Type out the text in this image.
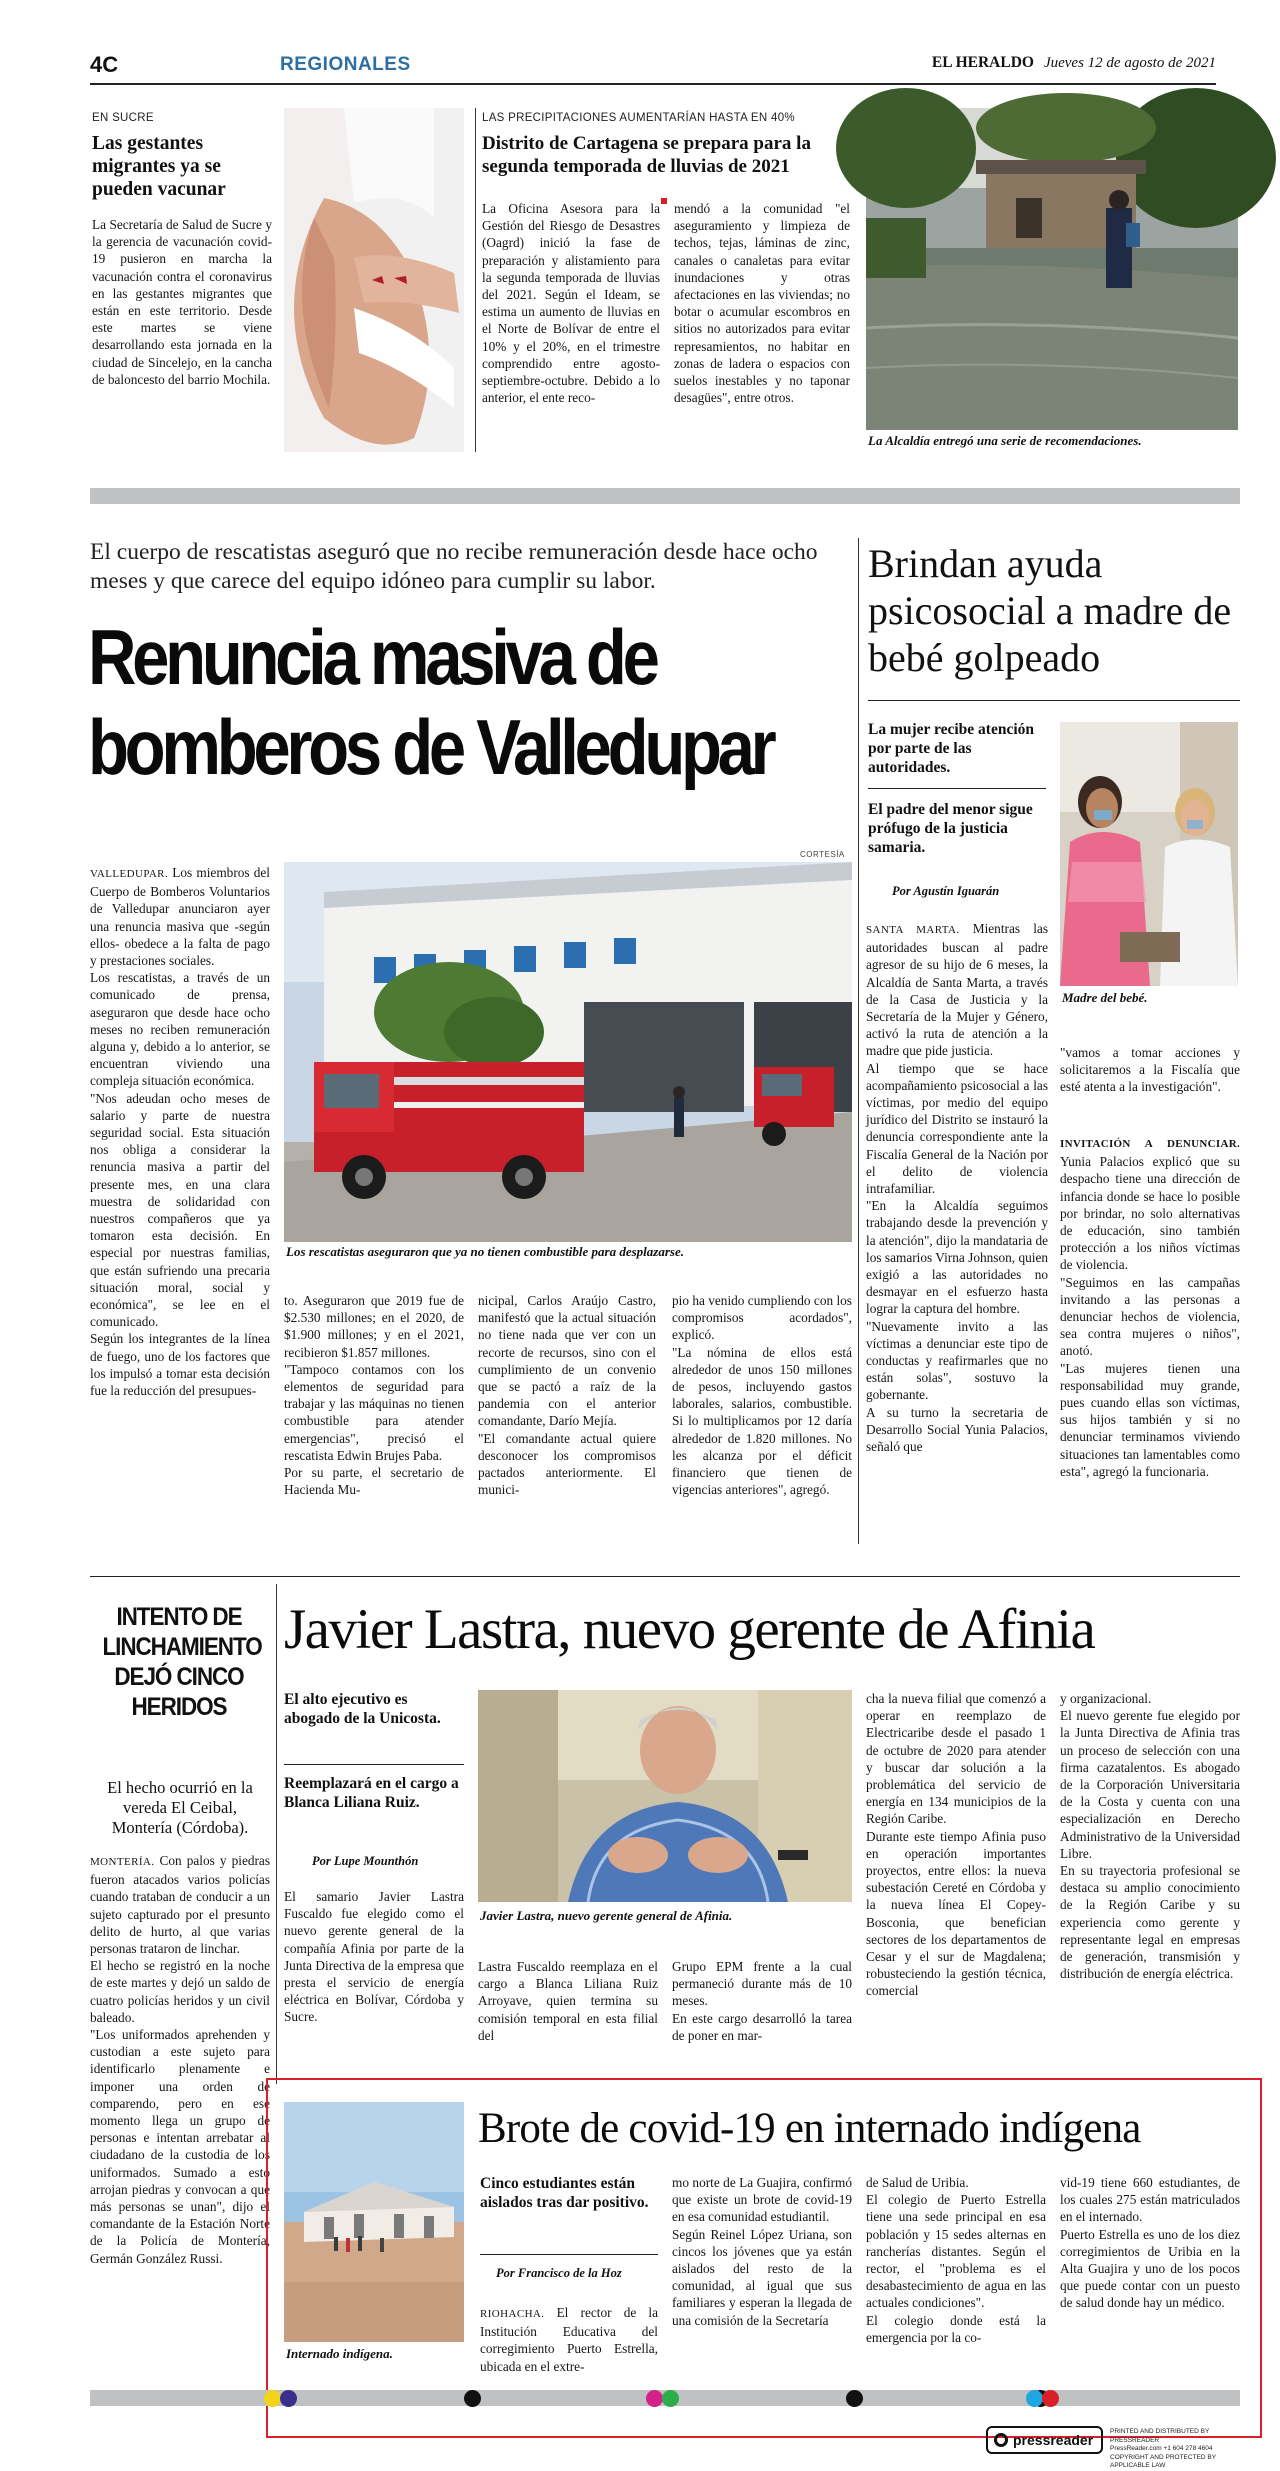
4C	REGIONALES	EL HERALDO Jueves 12 de agosto de 2021
EN SUCRE
Las gestantes migrantes ya se pueden vacunar
La Secretaría de Salud de Sucre y la gerencia de vacunación covid-19 pusieron en marcha la vacunación contra el coronavirus en las gestantes migrantes que están en este territorio. Desde este martes se viene desarrollando esta jornada en la ciudad de Sincelejo, en la cancha de baloncesto del barrio Mochila.
LAS PRECIPITACIONES AUMENTARÍAN HASTA EN 40%
Distrito de Cartagena se prepara para la segunda temporada de lluvias de 2021
La Oficina Asesora para la Gestión del Riesgo de Desastres (Oagrd) inició la fase de preparación y alistamiento para la segunda temporada de lluvias del 2021. Según el Ideam, se estima un aumento de lluvias en el Norte de Bolívar de entre el 10% y el 20%, en el trimestre comprendido entre agosto-septiembre-octubre. Debido a lo anterior, el ente reco-
mendó a la comunidad "el aseguramiento y limpieza de techos, tejas, láminas de zinc, canales o canaletas para evitar inundaciones y otras afectaciones en las viviendas; no botar o acumular escombros en sitios no autorizados para evitar represamientos, no habitar en zonas de ladera o espacios con suelos inestables y no taponar desagües", entre otros.
La Alcaldía entregó una serie de recomendaciones.
El cuerpo de rescatistas aseguró que no recibe remuneración desde hace ocho meses y que carece del equipo idóneo para cumplir su labor.
Renuncia masiva de bomberos de Valledupar
VALLEDUPAR. Los miembros del Cuerpo de Bomberos Voluntarios de Valledupar anunciaron ayer una renuncia masiva que -según ellos- obedece a la falta de pago y prestaciones sociales.
Los rescatistas, a través de un comunicado de prensa, aseguraron que desde hace ocho meses no reciben remuneración alguna y, debido a lo anterior, se encuentran viviendo una compleja situación económica.
"Nos adeudan ocho meses de salario y parte de nuestra seguridad social. Esta situación nos obliga a considerar la renuncia masiva a partir del presente mes, en una clara muestra de solidaridad con nuestros compañeros que ya tomaron esta decisión. En especial por nuestras familias, que están sufriendo una precaria situación moral, social y económica", se lee en el comunicado.
Según los integrantes de la línea de fuego, uno de los factores que los impulsó a tomar esta decisión fue la reducción del presupues-
CORTESÍA
Los rescatistas aseguraron que ya no tienen combustible para desplazarse.
to. Aseguraron que 2019 fue de $2.530 millones; en el 2020, de $1.900 millones; y en el 2021, recibieron $1.857 millones.
"Tampoco contamos con los elementos de seguridad para trabajar y las máquinas no tienen combustible para atender emergencias", precisó el rescatista Edwin Brujes Paba.
Por su parte, el secretario de Hacienda Mu-
nicipal, Carlos Araújo Castro, manifestó que la actual situación no tiene nada que ver con un recorte de recursos, sino con el cumplimiento de un convenio que se pactó a raíz de la pandemia con el anterior comandante, Darío Mejía.
"El comandante actual quiere desconocer los compromisos pactados anteriormente. El munici-
pio ha venido cumpliendo con los compromisos acordados", explicó.
"La nómina de ellos está alrededor de unos 150 millones de pesos, incluyendo gastos laborales, salarios, combustible. Si lo multiplicamos por 12 daría alrededor de 1.820 millones. No les alcanza por el déficit financiero que tienen de vigencias anteriores", agregó.
Brindan ayuda psicosocial a madre de bebé golpeado
La mujer recibe atención por parte de las autoridades.
El padre del menor sigue prófugo de la justicia samaria.
Por Agustín Iguarán
Madre del bebé.
SANTA MARTA. Mientras las autoridades buscan al padre agresor de su hijo de 6 meses, la Alcaldía de Santa Marta, a través de la Casa de Justicia y la Secretaría de la Mujer y Género, activó la ruta de atención a la madre que pide justicia.
Al tiempo que se hace acompañamiento psicosocial a las víctimas, por medio del equipo jurídico del Distrito se instauró la denuncia correspondiente ante la Fiscalía General de la Nación por el delito de violencia intrafamiliar.
"En la Alcaldía seguimos trabajando desde la prevención y la atención", dijo la mandataria de los samarios Virna Johnson, quien exigió a las autoridades no desmayar en el esfuerzo hasta lograr la captura del hombre.
"Nuevamente invito a las víctimas a denunciar este tipo de conductas y reafirmarles que no están solas", sostuvo la gobernante.
A su turno la secretaria de Desarrollo Social Yunia Palacios, señaló que
"vamos a tomar acciones y solicitaremos a la Fiscalía que esté atenta a la investigación".
INVITACIÓN A DENUNCIAR. Yunia Palacios explicó que su despacho tiene una dirección de infancia donde se hace lo posible por brindar, no solo alternativas de educación, sino también protección a los niños víctimas de violencia.
"Seguimos en las campañas invitando a las personas a denunciar hechos de violencia, sea contra mujeres o niños", anotó.
"Las mujeres tienen una responsabilidad muy grande, pues cuando ellas son víctimas, sus hijos también y si no denunciar terminamos viviendo situaciones tan lamentables como esta", agregó la funcionaria.
INTENTO DE LINCHAMIENTO DEJÓ CINCO HERIDOS
El hecho ocurrió en la vereda El Ceibal, Montería (Córdoba).
MONTERÍA. Con palos y piedras fueron atacados varios policías cuando trataban de conducir a un sujeto capturado por el presunto delito de hurto, al que varias personas trataron de linchar.
El hecho se registró en la noche de este martes y dejó un saldo de cuatro policías heridos y un civil baleado.
"Los uniformados aprehenden y custodian a este sujeto para identificarlo plenamente e imponer una orden de comparendo, pero en ese momento llega un grupo de personas e intentan arrebatar al ciudadano de la custodia de los uniformados. Sumado a esto arrojan piedras y convocan a que más personas se unan", dijo el comandante de la Estación Norte de la Policía de Montería, Germán González Russi.
Javier Lastra, nuevo gerente de Afinia
El alto ejecutivo es abogado de la Unicosta.
Reemplazará en el cargo a Blanca Liliana Ruiz.
Por Lupe Mounthón
El samario Javier Lastra Fuscaldo fue elegido como el nuevo gerente general de la compañía Afinia por parte de la Junta Directiva de la empresa que presta el servicio de energía eléctrica en Bolívar, Córdoba y Sucre.
Javier Lastra, nuevo gerente general de Afinia.
Lastra Fuscaldo reemplaza en el cargo a Blanca Liliana Ruiz Arroyave, quien termina su comisión temporal en esta filial del
Grupo EPM frente a la cual permaneció durante más de 10 meses.
En este cargo desarrolló la tarea de poner en mar-
cha la nueva filial que comenzó a operar en reemplazo de Electricaribe desde el pasado 1 de octubre de 2020 para atender y buscar dar solución a la problemática del servicio de energía en 134 municipios de la Región Caribe.
Durante este tiempo Afinia puso en operación importantes proyectos, entre ellos: la nueva subestación Cereté en Córdoba y la nueva línea El Copey-Bosconia, que benefician sectores de los departamentos de Cesar y el sur de Magdalena; robusteciendo la gestión técnica, comercial
y organizacional.
El nuevo gerente fue elegido por la Junta Directiva de Afinia tras un proceso de selección con una firma cazatalentos. Es abogado de la Corporación Universitaria de la Costa y cuenta con una especialización en Derecho Administrativo de la Universidad Libre.
En su trayectoria profesional se destaca su amplio conocimiento de la Región Caribe y su experiencia como gerente y representante legal en empresas de generación, transmisión y distribución de energía eléctrica.
Internado indígena.
Brote de covid-19 en internado indígena
Cinco estudiantes están aislados tras dar positivo.
Por Francisco de la Hoz
RIOHACHA. El rector de la Institución Educativa del corregimiento Puerto Estrella, ubicada en el extre-
mo norte de La Guajira, confirmó que existe un brote de covid-19 en esa comunidad estudiantil.
Según Reinel López Uriana, son cincos los jóvenes que ya están aislados del resto de la comunidad, al igual que sus familiares y esperan la llegada de una comisión de la Secretaría
de Salud de Uribia.
El colegio de Puerto Estrella tiene una sede principal en esa población y 15 sedes alternas en rancherías distantes. Según el rector, el "problema es el desabastecimiento de agua en las actuales condiciones".
El colegio donde está la emergencia por la co-
vid-19 tiene 660 estudiantes, de los cuales 275 están matriculados en el internado.
Puerto Estrella es uno de los diez corregimientos de Uribia en la Alta Guajira y uno de los pocos que puede contar con un puesto de salud donde hay un médico.
pressreader
PRINTED AND DISTRIBUTED BY PRESSREADER
PressReader.com +1 604 278 4604
COPYRIGHT AND PROTECTED BY APPLICABLE LAW
